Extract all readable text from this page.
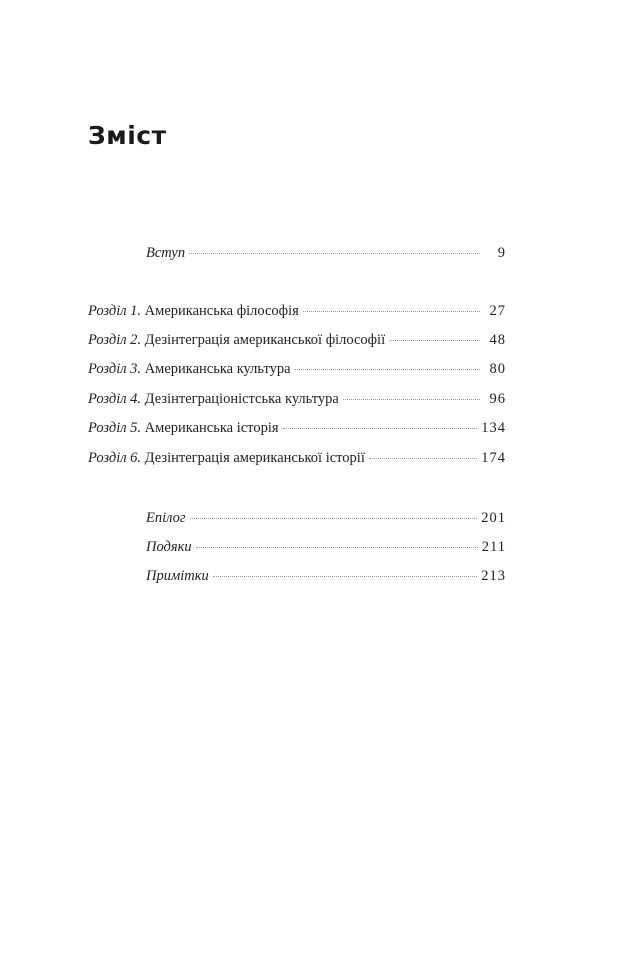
Зміст
Вступ	9
Розділ 1. Американська філософія	27
Розділ 2. Дезінтеграція американської філософії	48
Розділ 3. Американська культура	80
Розділ 4. Дезінтеграціоністська культура	96
Розділ 5. Американська історія	134
Розділ 6. Дезінтеграція американської історії	174
Епілог	201
Подяки	211
Примітки	213
